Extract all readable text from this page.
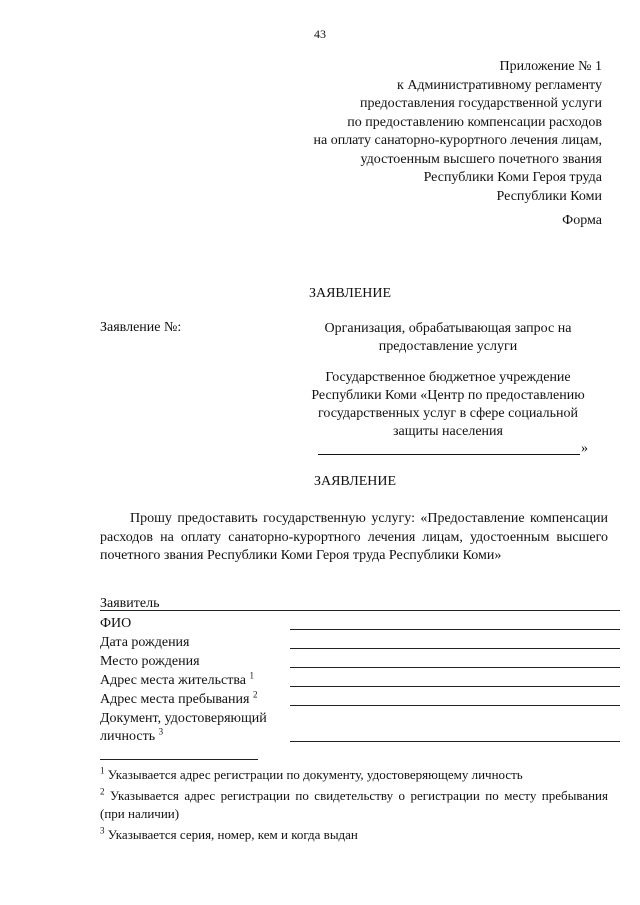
43
Приложение № 1
к Административному регламенту
предоставления государственной услуги
по предоставлению компенсации расходов
на оплату санаторно-курортного лечения лицам,
удостоенным высшего почетного звания
Республики Коми Героя труда
Республики Коми
Форма
ЗАЯВЛЕНИЕ
Заявление №:	Организация, обрабатывающая запрос на
предоставление услуги
Государственное бюджетное учреждение
Республики Коми «Центр по предоставлению
государственных услуг в сфере социальной
защиты населения
»
ЗАЯВЛЕНИЕ
Прошу предоставить государственную услугу: «Предоставление компенсации расходов на оплату санаторно-курортного лечения лицам, удостоенным высшего почетного звания Республики Коми Героя труда Республики Коми»
Заявитель
ФИО
Дата рождения
Место рождения
Адрес места жительства $^1$
Адрес места пребывания $^2$
Документ, удостоверяющий
личность $^3$
$^1$ Указывается адрес регистрации по документу, удостоверяющему личность
$^2$ Указывается адрес регистрации по свидетельству о регистрации по месту пребывания (при наличии)
$^3$ Указывается серия, номер, кем и когда выдан
